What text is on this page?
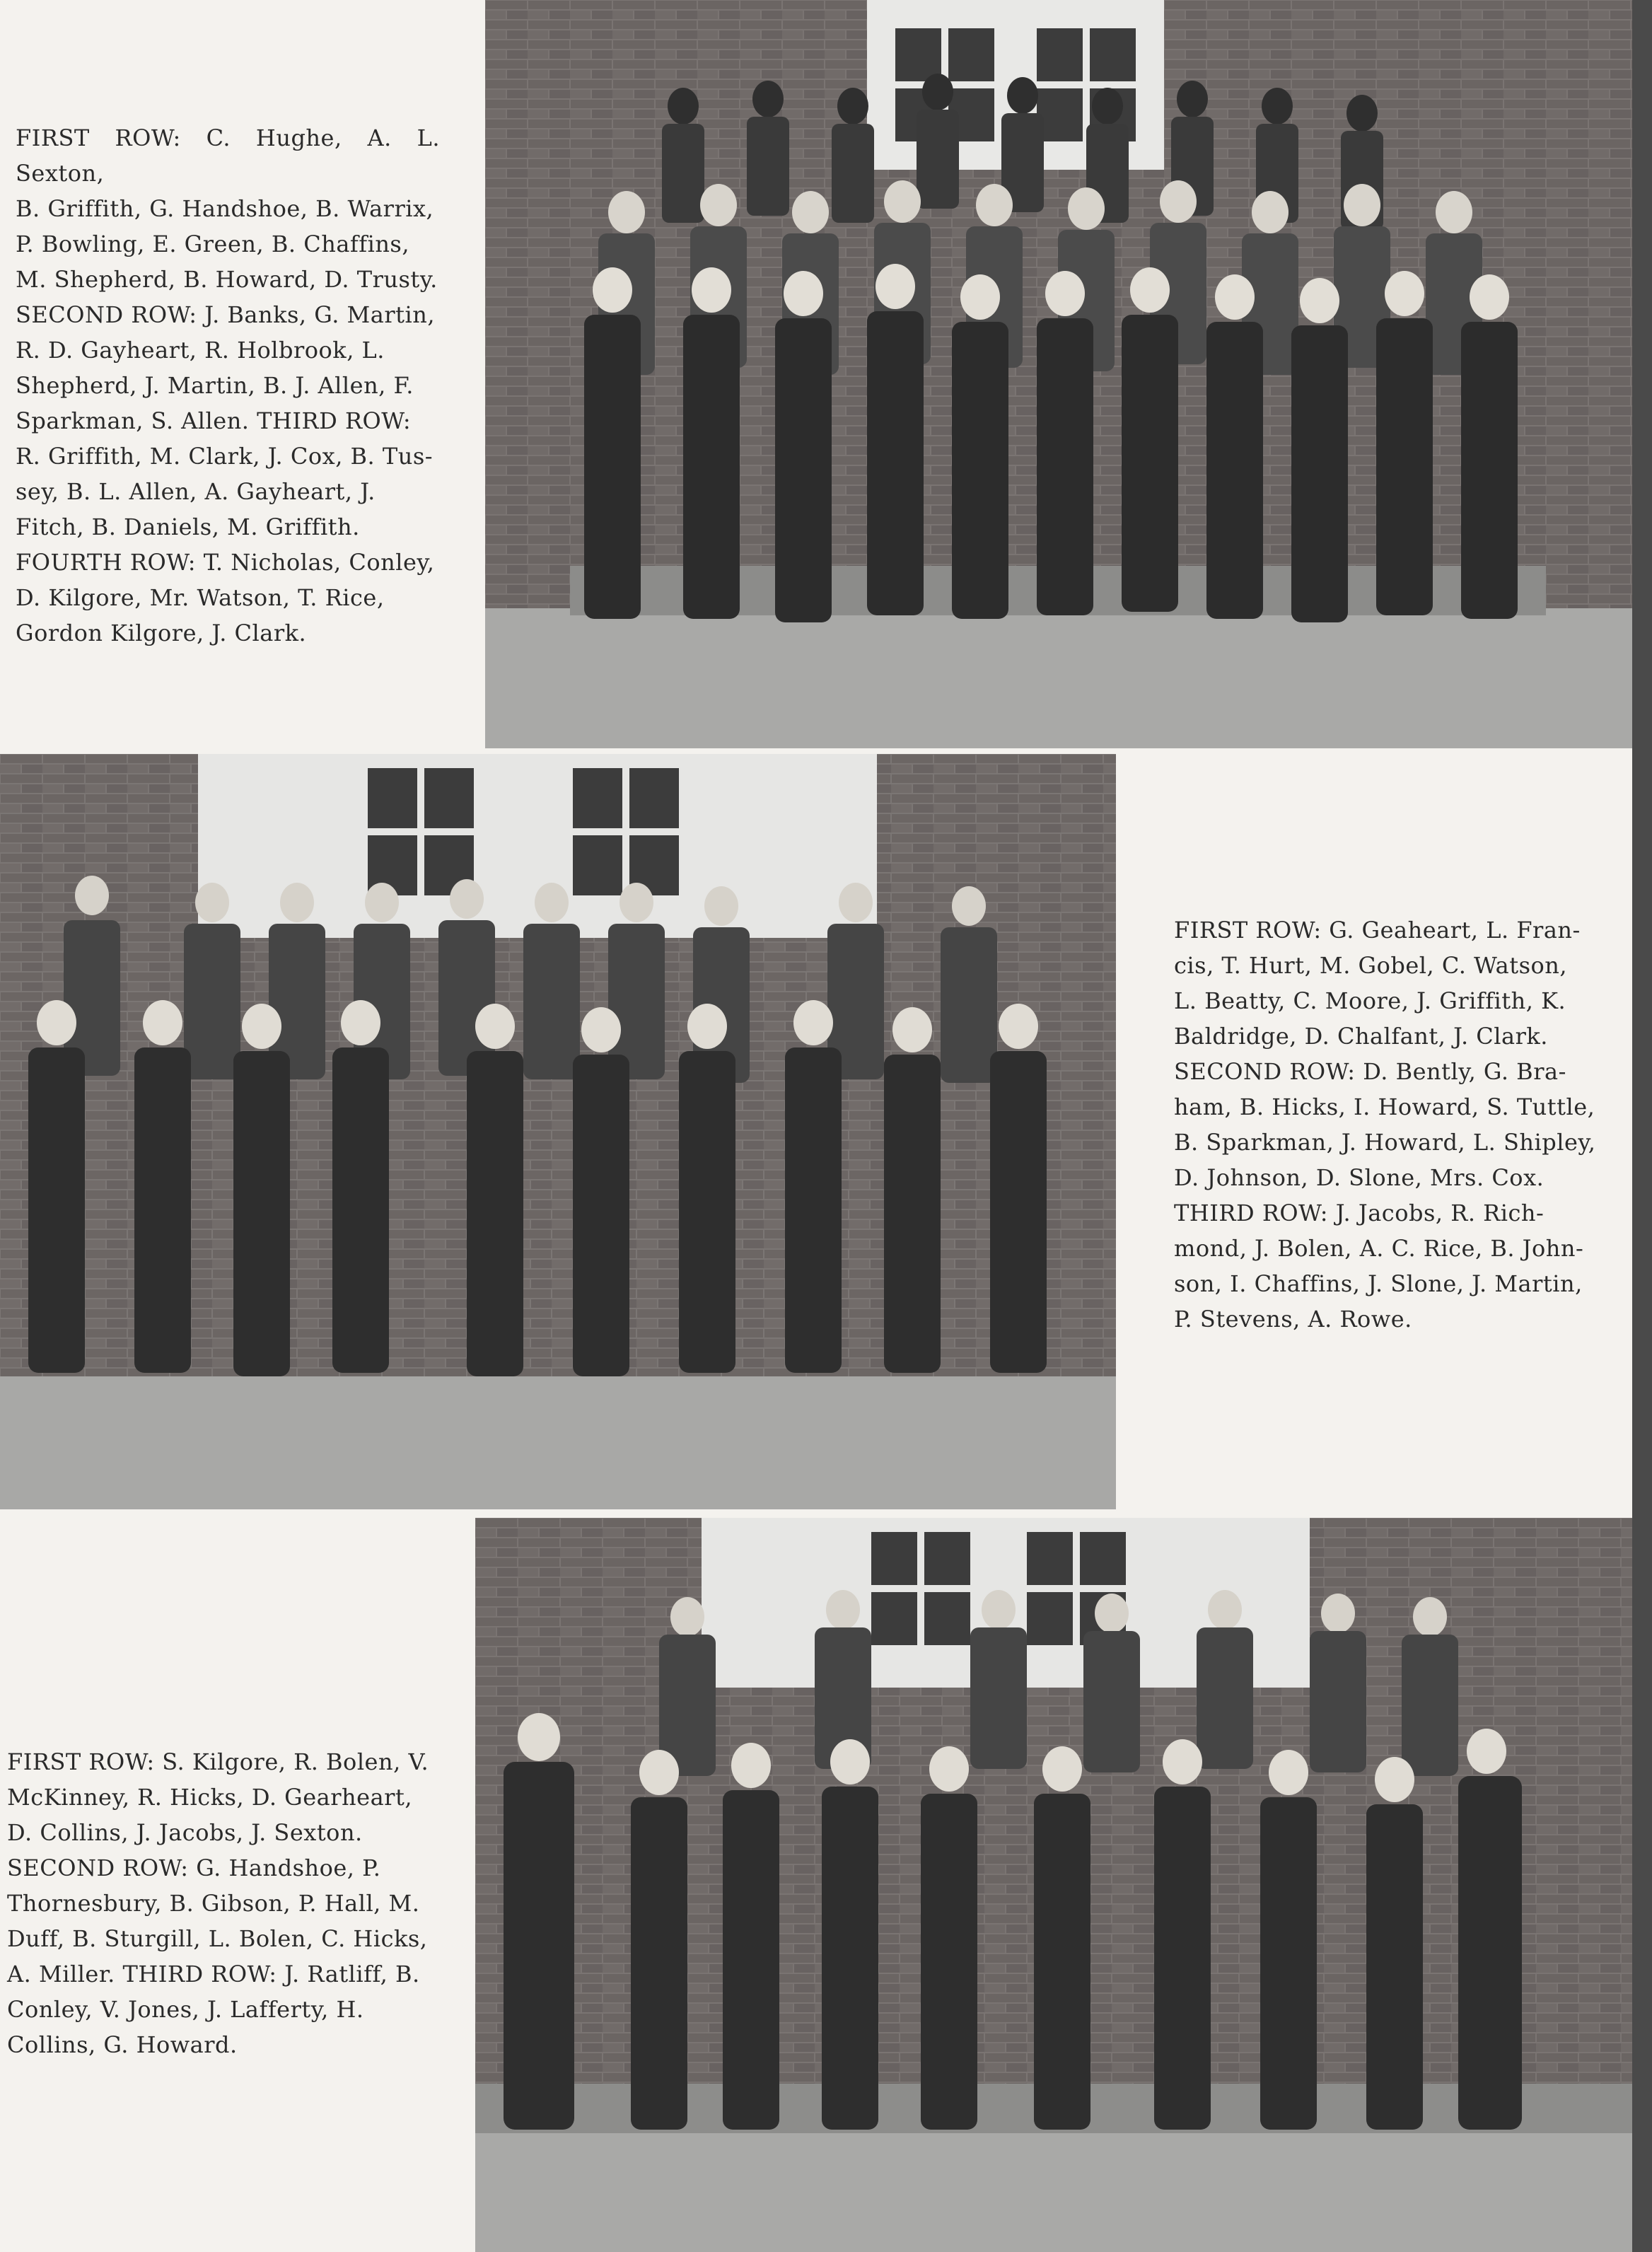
FIRST ROW: C. Hughe, A. L. Sexton,
B. Griffith, G. Handshoe, B. Warrix,
P. Bowling, E. Green, B. Chaffins,
M. Shepherd, B. Howard, D. Trusty.
SECOND ROW: J. Banks, G. Martin,
R. D. Gayheart, R. Holbrook, L.
Shepherd, J. Martin, B. J. Allen, F.
Sparkman, S. Allen. THIRD ROW:
R. Griffith, M. Clark, J. Cox, B. Tus-
sey, B. L. Allen, A. Gayheart, J.
Fitch, B. Daniels, M. Griffith.
FOURTH ROW: T. Nicholas, Conley,
D. Kilgore, Mr. Watson, T. Rice,
Gordon Kilgore, J. Clark.
FIRST ROW: G. Geaheart, L. Fran-
cis, T. Hurt, M. Gobel, C. Watson,
L. Beatty, C. Moore, J. Griffith, K.
Baldridge, D. Chalfant, J. Clark.
SECOND ROW: D. Bently, G. Bra-
ham, B. Hicks, I. Howard, S. Tuttle,
B. Sparkman, J. Howard, L. Shipley,
D. Johnson, D. Slone, Mrs. Cox.
THIRD ROW: J. Jacobs, R. Rich-
mond, J. Bolen, A. C. Rice, B. John-
son, I. Chaffins, J. Slone, J. Martin,
P. Stevens, A. Rowe.
FIRST ROW: S. Kilgore, R. Bolen, V.
McKinney, R. Hicks, D. Gearheart,
D. Collins, J. Jacobs, J. Sexton.
SECOND ROW: G. Handshoe, P.
Thornesbury, B. Gibson, P. Hall, M.
Duff, B. Sturgill, L. Bolen, C. Hicks,
A. Miller. THIRD ROW: J. Ratliff, B.
Conley, V. Jones, J. Lafferty, H.
Collins, G. Howard.
